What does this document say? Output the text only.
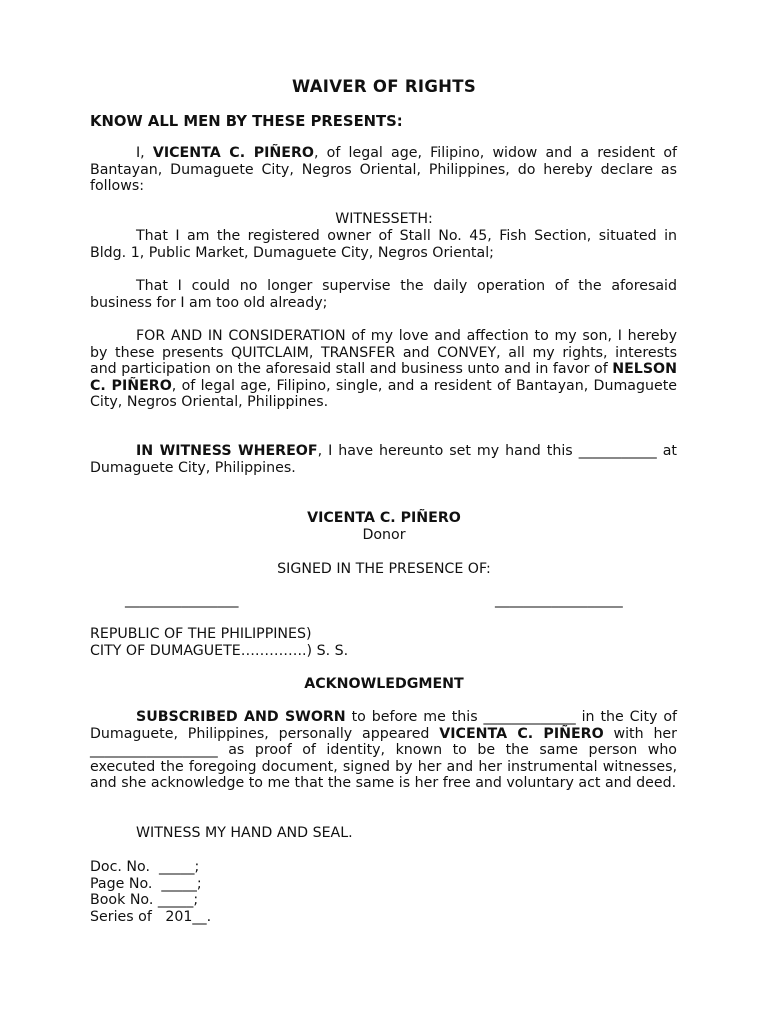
WAIVER OF RIGHTS
KNOW ALL MEN BY THESE PRESENTS:

I, VICENTA C. PIÑERO, of legal age, Filipino, widow and a resident of Bantayan, Dumaguete City, Negros Oriental, Philippines, do hereby declare as follows:

WITNESSETH:

That I am the registered owner of Stall No. 45, Fish Section, situated in Bldg. 1, Public Market, Dumaguete City, Negros Oriental;

That I could no longer supervise the daily operation of the aforesaid business for I am too old already;

FOR AND IN CONSIDERATION of my love and affection to my son, I hereby by these presents QUITCLAIM, TRANSFER and CONVEY, all my rights, interests and participation on the aforesaid stall and business unto and in favor of NELSON C. PIÑERO, of legal age, Filipino, single, and a resident of Bantayan, Dumaguete City, Negros Oriental, Philippines.

IN WITNESS WHEREOF, I have hereunto set my hand this ___________ at Dumaguete City, Philippines.

VICENTA C. PIÑERO
Donor
SIGNED IN THE PRESENCE OF:
________________	__________________
REPUBLIC OF THE PHILIPPINES)
CITY OF DUMAGUETE…………..) S. S.
ACKNOWLEDGMENT

SUBSCRIBED AND SWORN to before me this _____________ in the City of Dumaguete, Philippines, personally appeared VICENTA C. PIÑERO with her __________________ as proof of identity, known to be the same person who executed the foregoing document, signed by her and her instrumental witnesses, and she acknowledge to me that the same is her free and voluntary act and deed.

WITNESS MY HAND AND SEAL.
Doc. No.  _____;
Page No.  _____;
Book No. _____;
Series of   201__.
